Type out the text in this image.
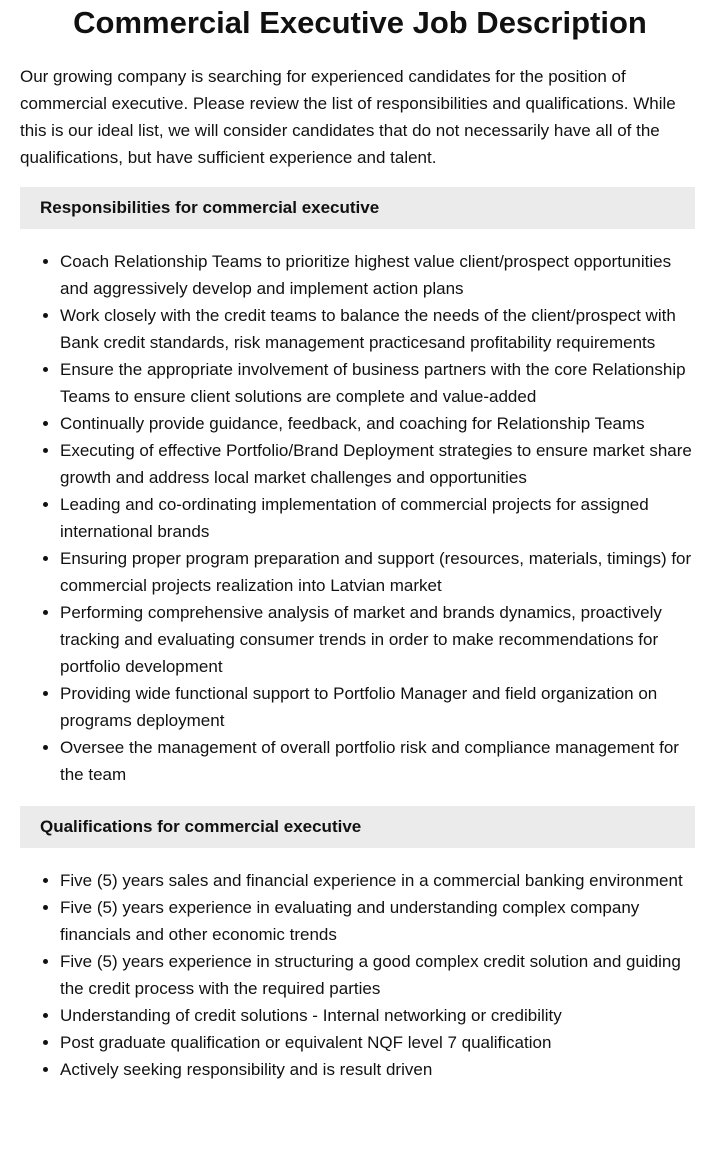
Commercial Executive Job Description

Our growing company is searching for experienced candidates for the position of commercial executive. Please review the list of responsibilities and qualifications. While this is our ideal list, we will consider candidates that do not necessarily have all of the qualifications, but have sufficient experience and talent.

Responsibilities for commercial executive
• Coach Relationship Teams to prioritize highest value client/prospect opportunities and aggressively develop and implement action plans
• Work closely with the credit teams to balance the needs of the client/prospect with Bank credit standards, risk management practicesand profitability requirements
• Ensure the appropriate involvement of business partners with the core Relationship Teams to ensure client solutions are complete and value-added
• Continually provide guidance, feedback, and coaching for Relationship Teams
• Executing of effective Portfolio/Brand Deployment strategies to ensure market share growth and address local market challenges and opportunities
• Leading and co-ordinating implementation of commercial projects for assigned international brands
• Ensuring proper program preparation and support (resources, materials, timings) for commercial projects realization into Latvian market
• Performing comprehensive analysis of market and brands dynamics, proactively tracking and evaluating consumer trends in order to make recommendations for portfolio development
• Providing wide functional support to Portfolio Manager and field organization on programs deployment
• Oversee the management of overall portfolio risk and compliance management for the team
Qualifications for commercial executive
• Five (5) years sales and financial experience in a commercial banking environment
• Five (5) years experience in evaluating and understanding complex company financials and other economic trends
• Five (5) years experience in structuring a good complex credit solution and guiding the credit process with the required parties
• Understanding of credit solutions - Internal networking or credibility
• Post graduate qualification or equivalent NQF level 7 qualification
• Actively seeking responsibility and is result driven
